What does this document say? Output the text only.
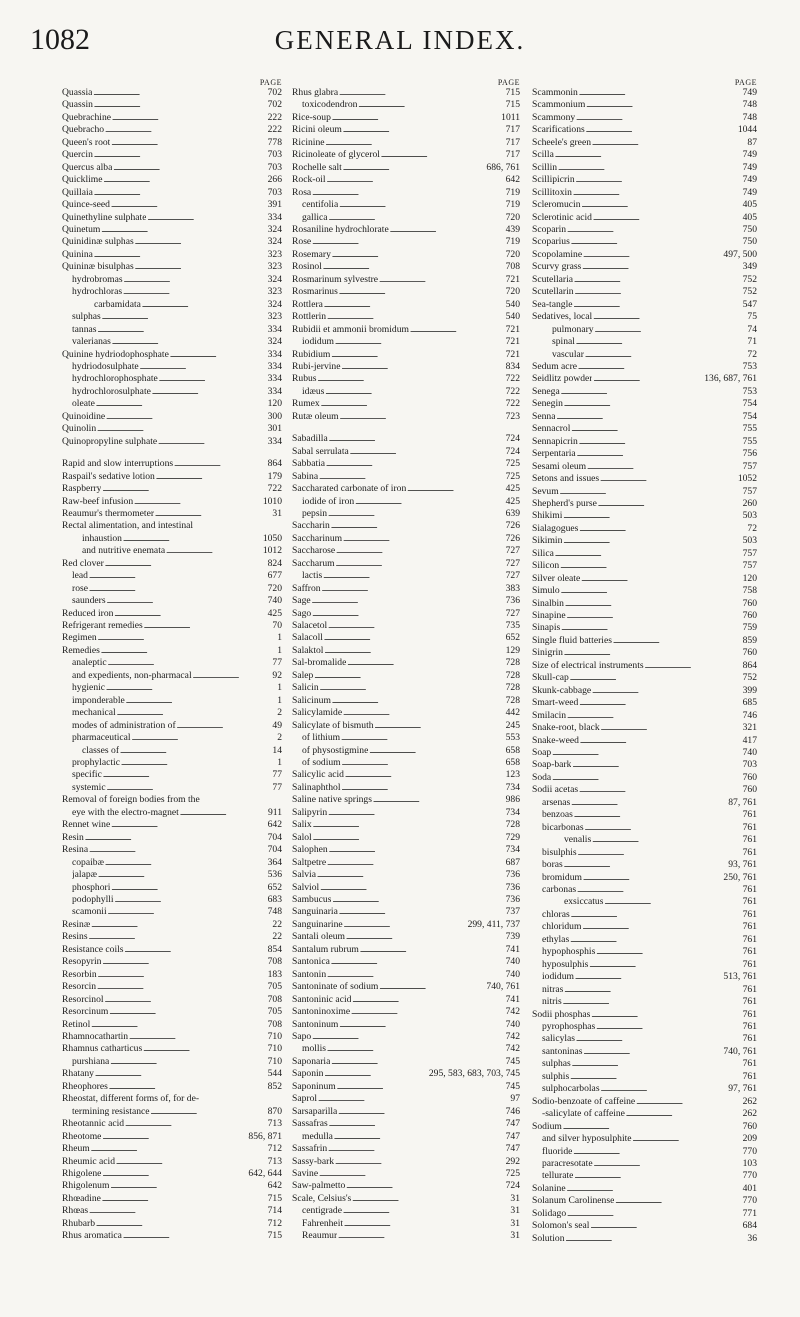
1082	GENERAL INDEX.
PAGE
Quassia . . .	702
Quassin . . .	702
Quebrachine . . .	222
Quebracho . . .	222
Queen's root . . .	778
Quercin . . .	703
Quercus alba . . .	703
Quicklime . . .	266
Quillaia . . .	703
Quince-seed . . .	391
Quinethyline sulphate . . .	334
Quinetum . . .	324
Quinidinæ sulphas . . .	324
Quinina . . .	323
Quininæ bisulphas . . .	323
hydrobromas . . .	324
hydrochloras . . .	323
carbamidata . . .	324
sulphas . . .	323
tannas . . .	334
valerianas . . .	324
Quinine hydriodophosphate . . .	334
hydriodosulphate . . .	334
hydrochlorophosphate . . .	334
hydrochlorosulphate . . .	334
oleate . . .	120
Quinoidine . . .	300
Quinolin . . .	301
Quinopropyline sulphate . . .	334
Rapid and slow interruptions . . .	864
Raspail's sedative lotion . . .	179
Raspberry . . .	722
Raw-beef infusion . . .	1010
Reaumur's thermometer . . .	31
Rectal alimentation, and intestinal
inhaustion . . .	1050
and nutritive enemata . . .	1012
Red clover . . .	824
lead . . .	677
rose . . .	720
saunders . . .	740
Reduced iron . . .	425
Refrigerant remedies . . .	70
Regimen . . .	1
Remedies . . .	1
analeptic . . .	77
and expedients, non-pharmacal . . .	92
hygienic . . .	1
imponderable . . .	1
mechanical . . .	2
modes of administration of . . .	49
pharmaceutical . . .	2
classes of . . .	14
prophylactic . . .	1
specific . . .	77
systemic . . .	77
Removal of foreign bodies from the
eye with the electro-magnet . . .	911
Rennet wine . . .	642
Resin . . .	704
Resina . . .	704
copaibæ . . .	364
jalapæ . . .	536
phosphori . . .	652
podophylli . . .	683
scamonii . . .	748
Resinæ . . .	22
Resins . . .	22
Resistance coils . . .	854
Resopyrin . . .	708
Resorbin . . .	183
Resorcin . . .	705
Resorcinol . . .	708
Resorcinum . . .	705
Retinol . . .	708
Rhamnocathartin . . .	710
Rhamnus catharticus . . .	710
purshiana . . .	710
Rhatany . . .	544
Rheophores . . .	852
Rheostat, different forms of, for de-
termining resistance . . .	870
Rheotannic acid . . .	713
Rheotome . . .	856, 871
Rheum . . .	712
Rheumic acid . . .	713
Rhigolene . . .	642, 644
Rhigolenum . . .	642
Rhœadine . . .	715
Rhœas . . .	714
Rhubarb . . .	712
Rhus aromatica . . .	715
PAGE
Rhus glabra . . .	715
toxicodendron . . .	715
Rice-soup . . .	1011
Ricini oleum . . .	717
Ricinine . . .	717
Ricinoleate of glycerol . . .	717
Rochelle salt . . .	686, 761
Rock-oil . . .	642
Rosa . . .	719
centifolia . . .	719
gallica . . .	720
Rosaniline hydrochlorate . . .	439
Rose . . .	719
Rosemary . . .	720
Rosinol . . .	708
Rosmarinum sylvestre . . .	721
Rosmarinus . . .	720
Rottlera . . .	540
Rottlerin . . .	540
Rubidii et ammonii bromidum . . .	721
iodidum . . .	721
Rubidium . . .	721
Rubi-jervine . . .	834
Rubus . . .	722
idæus . . .	722
Rumex . . .	722
Rutæ oleum . . .	723
Sabadilla . . .	724
Sabal serrulata . . .	724
Sabbatia . . .	725
Sabina . . .	725
Saccharated carbonate of iron . . .	425
iodide of iron . . .	425
pepsin . . .	639
Saccharin . . .	726
Saccharinum . . .	726
Saccharose . . .	727
Saccharum . . .	727
lactis . . .	727
Saffron . . .	383
Sage . . .	736
Sago . . .	727
Salacetol . . .	735
Salacoll . . .	652
Salaktol . . .	129
Sal-bromalide . . .	728
Salep . . .	728
Salicin . . .	728
Salicinum . . .	728
Salicylamide . . .	442
Salicylate of bismuth . . .	245
of lithium . . .	553
of physostigmine . . .	658
of sodium . . .	658
Salicylic acid . . .	123
Salinaphthol . . .	734
Saline native springs . . .	986
Salipyrin . . .	734
Salix . . .	728
Salol . . .	729
Salophen . . .	734
Saltpetre . . .	687
Salvia . . .	736
Salviol . . .	736
Sambucus . . .	736
Sanguinaria . . .	737
Sanguinarine . . .	299, 411, 737
Santali oleum . . .	739
Santalum rubrum . . .	741
Santonica . . .	740
Santonin . . .	740
Santoninate of sodium . . .	740, 761
Santoninic acid . . .	741
Santoninoxime . . .	742
Santoninum . . .	740
Sapo . . .	742
mollis . . .	742
Saponaria . . .	745
Saponin . . .	295, 583, 683, 703, 745
Saponinum . . .	745
Saprol . . .	97
Sarsaparilla . . .	746
Sassafras . . .	747
medulla . . .	747
Sassafrin . . .	747
Sassy-bark . . .	292
Savine . . .	725
Saw-palmetto . . .	724
Scale, Celsius's . . .	31
centigrade . . .	31
Fahrenheit . . .	31
Reaumur . . .	31
PAGE
Scammonin . . .	749
Scammonium . . .	748
Scammony . . .	748
Scarifications . . .	1044
Scheele's green . . .	87
Scilla . . .	749
Scillin . . .	749
Scillipicrin . . .	749
Scillitoxin . . .	749
Scleromucin . . .	405
Sclerotinic acid . . .	405
Scoparin . . .	750
Scoparius . . .	750
Scopolamine . . .	497, 500
Scurvy grass . . .	349
Scutellaria . . .	752
Scutellarin . . .	752
Sea-tangle . . .	547
Sedatives, local . . .	75
pulmonary . . .	74
spinal . . .	71
vascular . . .	72
Sedum acre . . .	753
Seidlitz powder . . .	136, 687, 761
Senega . . .	753
Senegin . . .	754
Senna . . .	754
Sennacrol . . .	755
Sennapicrin . . .	755
Serpentaria . . .	756
Sesami oleum . . .	757
Setons and issues . . .	1052
Sevum . . .	757
Shepherd's purse . . .	260
Shikimi . . .	503
Sialagogues . . .	72
Sikimin . . .	503
Silica . . .	757
Silicon . . .	757
Silver oleate . . .	120
Simulo . . .	758
Sinalbin . . .	760
Sinapine . . .	760
Sinapis . . .	759
Single fluid batteries . . .	859
Sinigrin . . .	760
Size of electrical instruments . . .	864
Skull-cap . . .	752
Skunk-cabbage . . .	399
Smart-weed . . .	685
Smilacin . . .	746
Snake-root, black . . .	321
Snake-weed . . .	417
Soap . . .	740
Soap-bark . . .	703
Soda . . .	760
Sodii acetas . . .	760
arsenas . . .	87, 761
benzoas . . .	761
bicarbonas . . .	761
venalis . . .	761
bisulphis . . .	761
boras . . .	93, 761
bromidum . . .	250, 761
carbonas . . .	761
exsiccatus . . .	761
chloras . . .	761
chloridum . . .	761
ethylas . . .	761
hypophosphis . . .	761
hyposulphis . . .	761
iodidum . . .	513, 761
nitras . . .	761
nitris . . .	761
Sodii phosphas . . .	761
pyrophosphas . . .	761
salicylas . . .	761
santoninas . . .	740, 761
sulphas . . .	761
sulphis . . .	761
sulphocarbolas . . .	97, 761
Sodio-benzoate of caffeine . . .	262
-salicylate of caffeine . . .	262
Sodium . . .	760
and silver hyposulphite . . .	209
fluoride . . .	770
paracresotate . . .	103
tellurate . . .	770
Solanine . . .	401
Solanum Carolinense . . .	770
Solidago . . .	771
Solomon's seal . . .	684
Solution . . .	36
